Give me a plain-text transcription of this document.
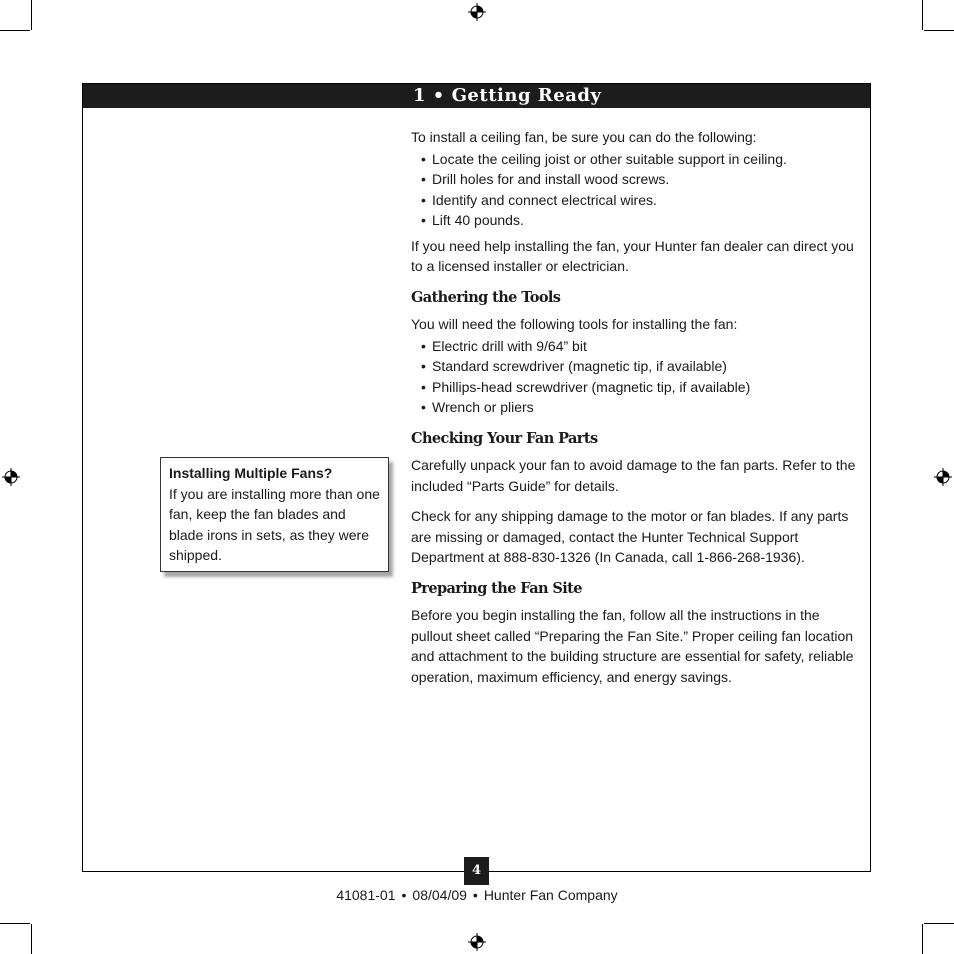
1 • Getting Ready
4

To install a ceiling fan, be sure you can do the following:

• Locate the ceiling joist or other suitable support in ceiling.
• Drill holes for and install wood screws.
• Identify and connect electrical wires.
• Lift 40 pounds.

If you need help installing the fan, your Hunter fan dealer can direct you to a licensed installer or electrician.

Gathering the Tools

You will need the following tools for installing the fan:

• Electric drill with 9/64” bit
• Standard screwdriver (magnetic tip, if available)
• Phillips-head screwdriver (magnetic tip, if available)
• Wrench or pliers
Checking Your Fan Parts

Carefully unpack your fan to avoid damage to the fan parts. Refer to the included “Parts Guide” for details.

Check for any shipping damage to the motor or fan blades. If any parts are missing or damaged, contact the Hunter Technical Support Department at 888-830-1326 (In Canada, call 1-866-268-1936).

Preparing the Fan Site

Before you begin installing the fan, follow all the instructions in the pullout sheet called “Preparing the Fan Site.” Proper ceiling fan location and attachment to the building structure are essential for safety, reliable operation, maximum efficiency, and energy savings.

Installing Multiple Fans?
If you are installing more than one fan, keep the fan blades and blade irons in sets, as they were shipped.
41081-01 • 08/04/09 • Hunter Fan Company
